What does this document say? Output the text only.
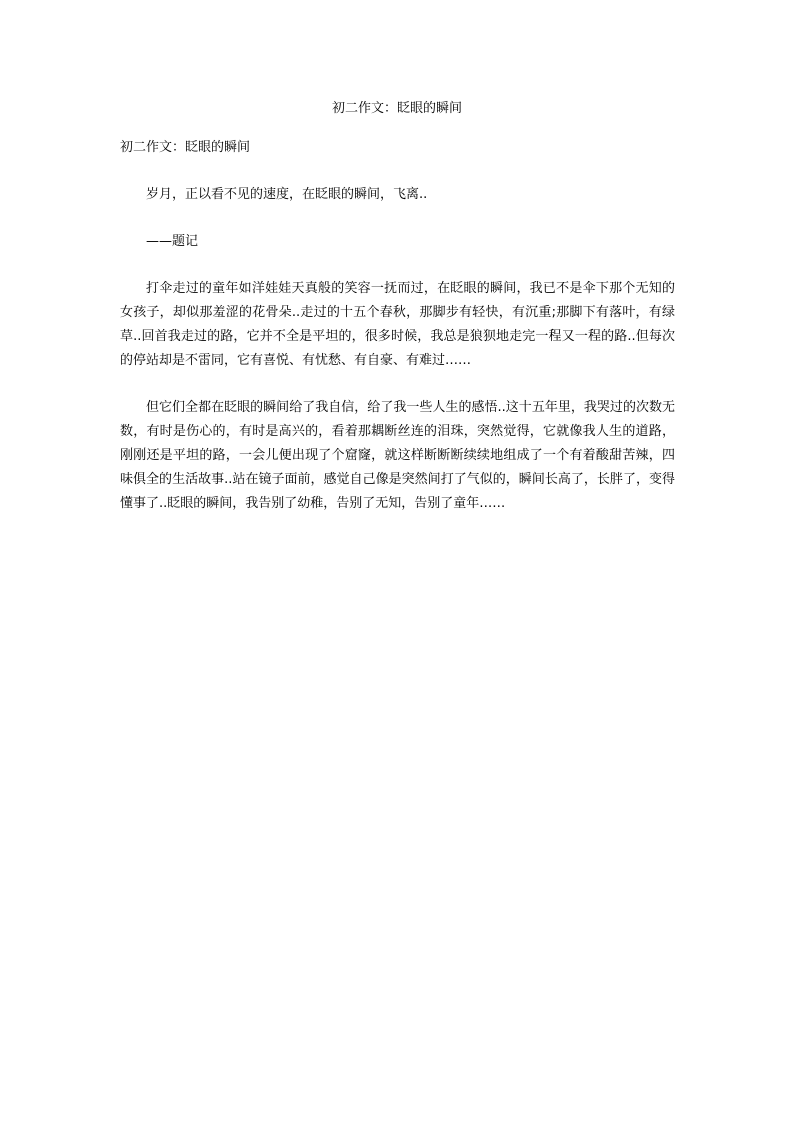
初二作文：眨眼的瞬间

初二作文：眨眼的瞬间

岁月，正以看不见的速度，在眨眼的瞬间，飞离..

——题记

打伞走过的童年如洋娃娃天真般的笑容一抚而过，在眨眼的瞬间，我已不是伞下那个无知的女孩子，却似那羞涩的花骨朵..走过的十五个春秋，那脚步有轻快，有沉重;那脚下有落叶，有绿草..回首我走过的路，它并不全是平坦的，很多时候，我总是狼狈地走完一程又一程的路..但每次的停站却是不雷同，它有喜悦、有忧愁、有自豪、有难过……

但它们全都在眨眼的瞬间给了我自信，给了我一些人生的感悟..这十五年里，我哭过的次数无数，有时是伤心的，有时是高兴的，看着那耦断丝连的泪珠，突然觉得，它就像我人生的道路，刚刚还是平坦的路，一会儿便出现了个窟窿，就这样断断断续续地组成了一个有着酸甜苦辣，四味俱全的生活故事..站在镜子面前，感觉自己像是突然间打了气似的，瞬间长高了，长胖了，变得懂事了..眨眼的瞬间，我告别了幼稚，告别了无知，告别了童年……
